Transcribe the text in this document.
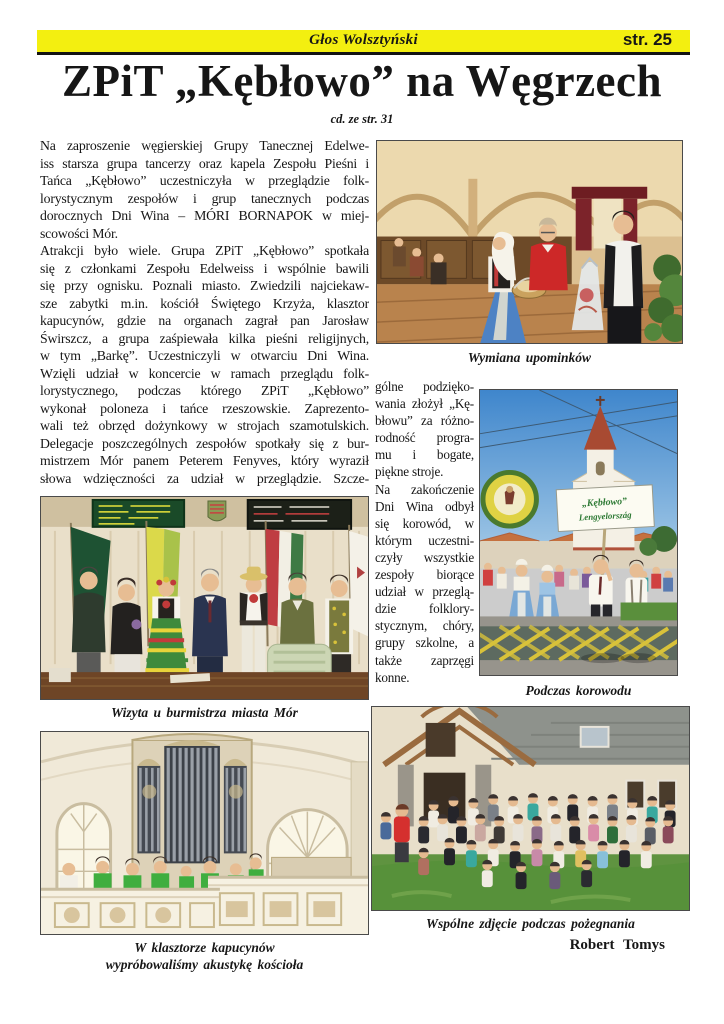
Głos Wolsztyński	str. 25
ZPiT „Kębłowo” na Węgrzech
cd. ze str. 31
Na zaproszenie węgierskiej Grupy Tanecznej Edelwe-
iss starsza grupa tancerzy oraz kapela Zespołu Pieśni i
Tańca „Kębłowo” uczestniczyła w przeglądzie folk-
lorystycznym zespołów i grup tanecznych podczas
dorocznych Dni Wina – MÓRI BORNAPOK w miej-
scowości Mór.
Atrakcji było wiele. Grupa ZPiT „Kębłowo” spotkała
się z członkami Zespołu Edelweiss i wspólnie bawili
się przy ognisku. Poznali miasto. Zwiedzili najciekaw-
sze zabytki m.in. kościół Świętego Krzyża, klasztor
kapucynów, gdzie na organach zagrał pan Jarosław
Świrszcz, a grupa zaśpiewała kilka pieśni religijnych,
w tym „Barkę”. Uczestniczyli w otwarciu Dni Wina.
Wzięli udział w koncercie w ramach przeglądu folk-
lorystycznego, podczas którego ZPiT „Kębłowo”
wykonał poloneza i tańce rzeszowskie. Zaprezento-
wali też obrzęd dożynkowy w strojach szamotulskich.
Delegacje poszczególnych zespołów spotkały się z bur-
mistrzem Mór panem Peterem Fenyves, który wyraził
słowa wdzięczności za udział w przeglądzie. Szcze-
gólne podzięko-
wania złożył „Kę-
błowu” za różno-
rodność progra-
mu i bogate,
piękne stroje.
Na zakończenie
Dni Wina odbył
się korowód, w
którym uczestni-
czyły wszystkie
zespoły biorące
udział w przeglą-
dzie folklory-
stycznym, chóry,
grupy szkolne, a
także zaprzęgi
konne.
Wymiana upominków
„Kębłowo”
Lengyelország
Podczas korowodu
Wizyta u burmistrza miasta Mór
W klasztorze kapucynów
wypróbowaliśmy akustykę kościoła
Wspólne zdjęcie podczas pożegnania
Robert Tomys
